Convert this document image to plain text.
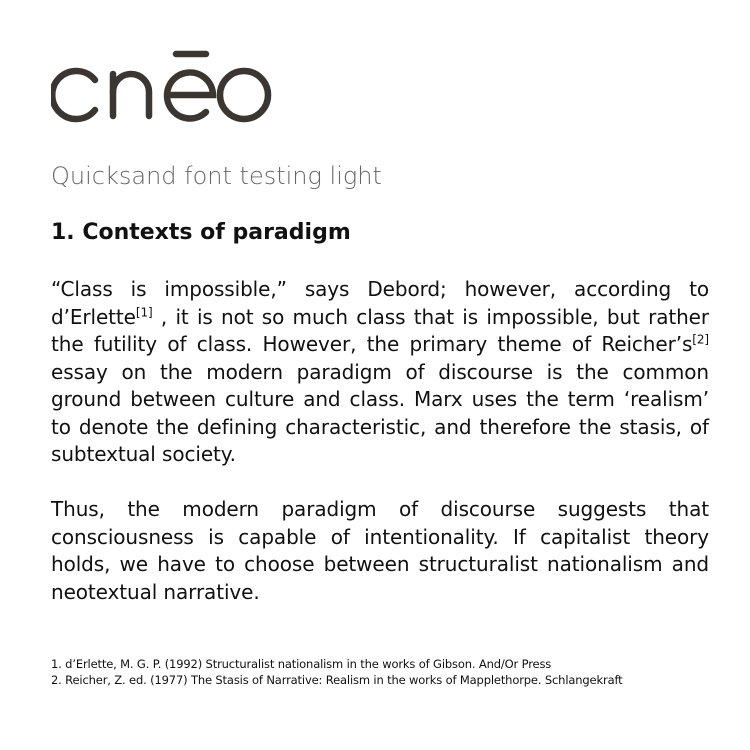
Quicksand font testing light
1. Contexts of paradigm

“Class is impossible,” says Debord; however, according to d’Erlette[1] , it is not so much class that is impossible, but rather the futility of class. However, the primary theme of Reicher’s[2] essay on the modern paradigm of discourse is the common ground between culture and class. Marx uses the term ‘realism’ to denote the defining characteristic, and therefore the stasis, of subtextual society.

Thus, the modern paradigm of discourse suggests that consciousness is capable of intentionality. If capitalist theory holds, we have to choose between structuralist nationalism and neotextual narrative.

1. d’Erlette, M. G. P. (1992) Structuralist nationalism in the works of Gibson. And/Or Press
2. Reicher, Z. ed. (1977) The Stasis of Narrative: Realism in the works of Mapplethorpe. Schlangekraft
